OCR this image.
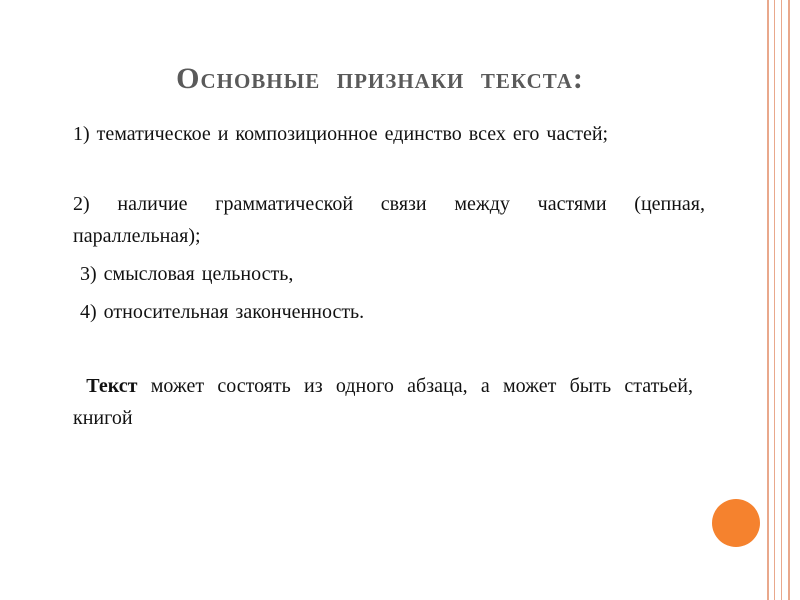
Основные признаки текста:
1) тематическое и композиционное единство всех его частей;
2) наличие грамматической связи между частями (цепная, параллельная);
3) смысловая цельность,
4) относительная законченность.
Текст может состоять из одного абзаца, а может быть статьей, книгой
